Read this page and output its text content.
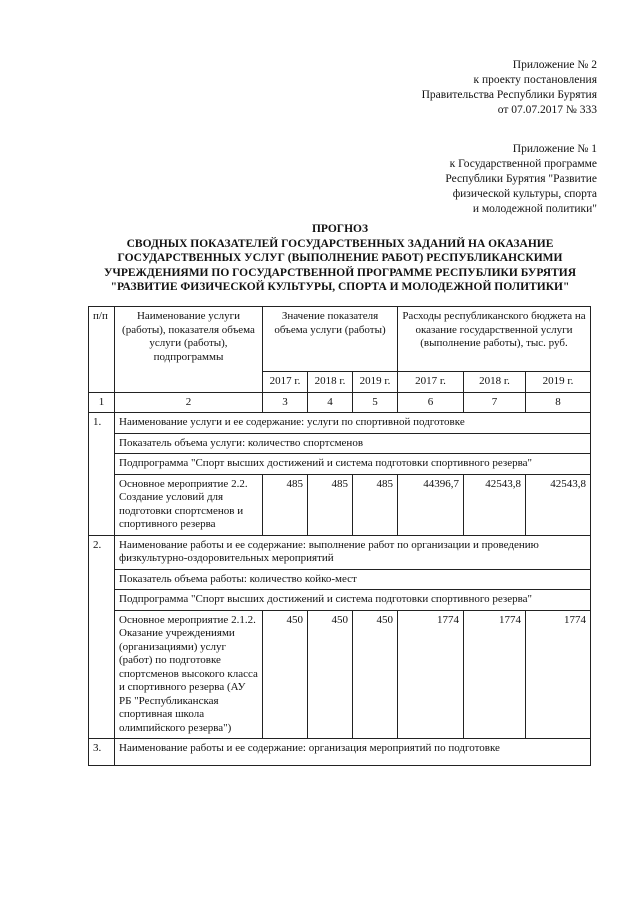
Приложение № 2
к проекту постановления
Правительства Республики Бурятия
от 07.07.2017 № 333
Приложение № 1
к Государственной программе
Республики Бурятия "Развитие
физической культуры, спорта
и молодежной политики"
ПРОГНОЗ
СВОДНЫХ ПОКАЗАТЕЛЕЙ ГОСУДАРСТВЕННЫХ ЗАДАНИЙ НА ОКАЗАНИЕ
ГОСУДАРСТВЕННЫХ УСЛУГ (ВЫПОЛНЕНИЕ РАБОТ) РЕСПУБЛИКАНСКИМИ
УЧРЕЖДЕНИЯМИ ПО ГОСУДАРСТВЕННОЙ ПРОГРАММЕ РЕСПУБЛИКИ БУРЯТИЯ
"РАЗВИТИЕ ФИЗИЧЕСКОЙ КУЛЬТУРЫ, СПОРТА И МОЛОДЕЖНОЙ ПОЛИТИКИ"
п/п	Наименование услуги (работы), показателя объема услуги (работы), подпрограммы	Значение показателя объема услуги (работы)			Расходы республиканского бюджета на оказание государственной услуги (выполнение работы), тыс. руб.		
		2017 г.	2018 г.	2019 г.	2017 г.	2018 г.	2019 г.
1	2	3	4	5	6	7	8
1.	Наименование услуги и ее содержание: услуги по спортивной подготовке						
	Показатель объема услуги: количество спортсменов						
	Подпрограмма "Спорт высших достижений и система подготовки спортивного резерва"						
	Основное мероприятие 2.2. Создание условий для подготовки спортсменов и спортивного резерва	485	485	485	44396,7	42543,8	42543,8
2.	Наименование работы и ее содержание: выполнение работ по организации и проведению физкультурно-оздоровительных мероприятий						
	Показатель объема работы: количество койко-мест						
	Подпрограмма "Спорт высших достижений и система подготовки спортивного резерва"						
	Основное мероприятие 2.1.2. Оказание учреждениями (организациями) услуг (работ) по подготовке спортсменов высокого класса и спортивного резерва (АУ РБ "Республиканская спортивная школа олимпийского резерва")	450	450	450	1774	1774	1774
3.	Наименование работы и ее содержание: организация мероприятий по подготовке						
